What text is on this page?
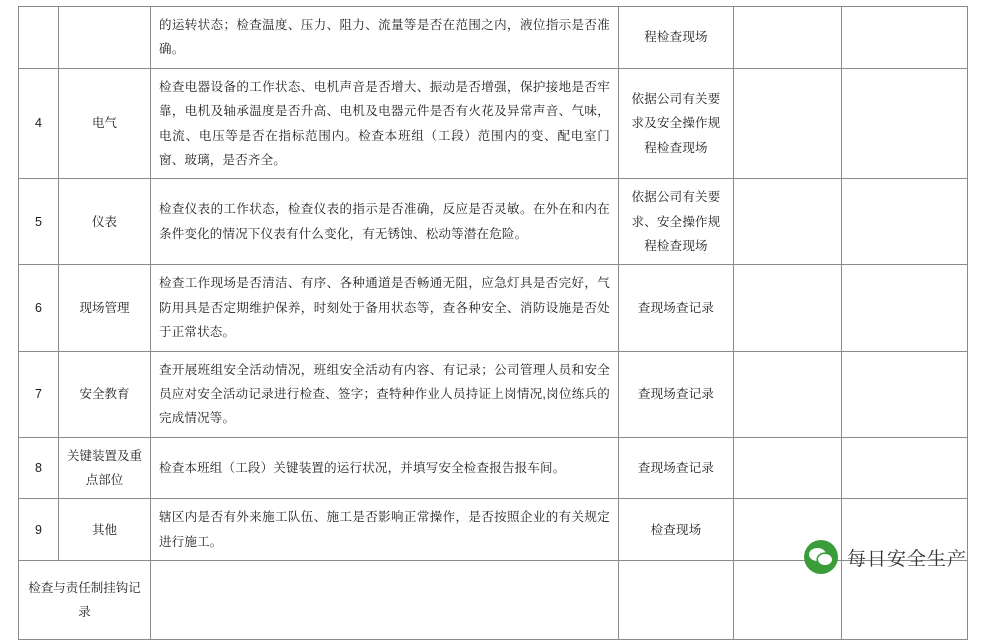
		的运转状态；检查温度、压力、阻力、流量等是否在范围之内，液位指示是否准确。	程检查现场		
4	电气	检查电器设备的工作状态、电机声音是否增大、振动是否增强，保护接地是否牢靠，电机及轴承温度是否升高、电机及电器元件是否有火花及异常声音、气味，电流、电压等是否在指标范围内。检查本班组（工段）范围内的变、配电室门窗、玻璃，是否齐全。	依据公司有关要求及安全操作规程检查现场		
5	仪表	检查仪表的工作状态，检查仪表的指示是否准确，反应是否灵敏。在外在和内在条件变化的情况下仪表有什么变化，有无锈蚀、松动等潜在危险。	依据公司有关要求、安全操作规程检查现场		
6	现场管理	检查工作现场是否清洁、有序、各种通道是否畅通无阻，应急灯具是否完好，气防用具是否定期维护保养，时刻处于备用状态等，查各种安全、消防设施是否处于正常状态。	查现场查记录		
7	安全教育	查开展班组安全活动情况，班组安全活动有内容、有记录；公司管理人员和安全员应对安全活动记录进行检查、签字；查特种作业人员持证上岗情况,岗位练兵的完成情况等。	查现场查记录		
8	关键装置及重点部位	检查本班组（工段）关键装置的运行状况，并填写安全检查报告报车间。	查现场查记录		
9	其他	辖区内是否有外来施工队伍、施工是否影响正常操作，是否按照企业的有关规定进行施工。	检查现场		
检查与责任制挂钩记录					
每日安全生产
